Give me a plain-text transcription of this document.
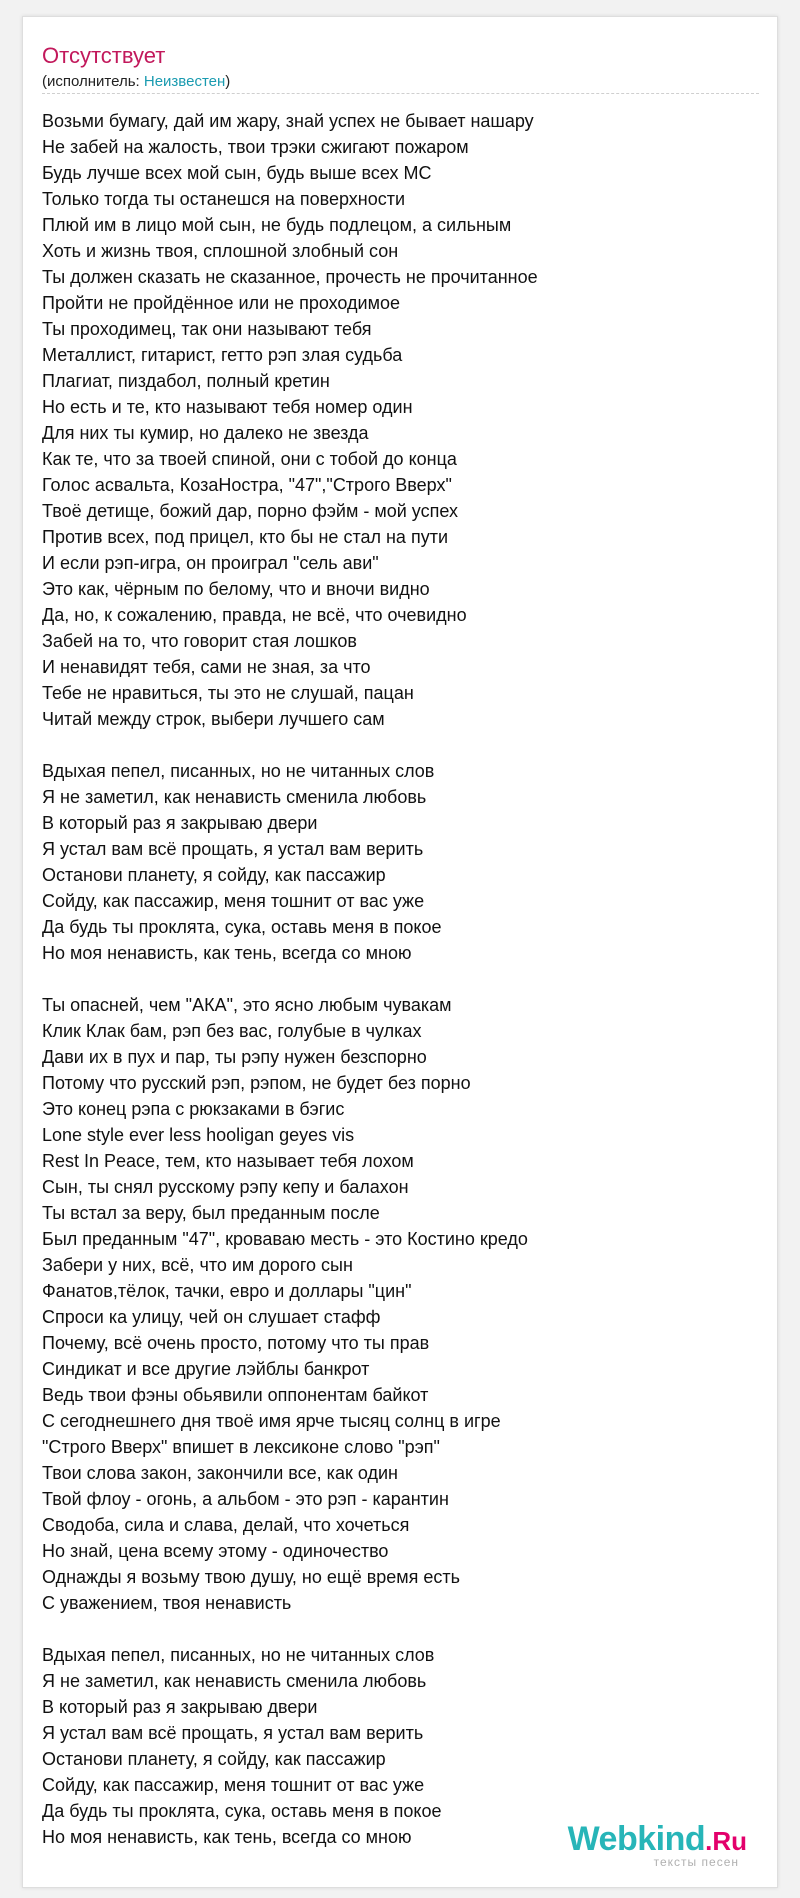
Отсутствует
(исполнитель: Неизвестен)
Возьми бумагу, дай им жару, знай успех не бывает нашару
Не забей на жалость, твои трэки сжигают пожаром
Будь лучше всех мой сын, будь выше всех MC
Только тогда ты останешся на поверхности
Плюй им в лицо мой сын, не будь подлецом, а сильным
Хоть и жизнь твоя, сплошной злобный сон
Ты должен сказать не сказанное, прочесть не прочитанное
Пройти не пройдённое или не проходимое
Ты проходимец, так они называют тебя
Металлист, гитарист, гетто рэп злая судьба
Плагиат, пиздабол, полный кретин
Но есть и те, кто называют тебя номер один
Для них ты кумир, но далеко не звезда
Как те, что за твоей спиной, они с тобой до конца
Голос асвальта, КозаНостра, "47","Строго Вверх"
Твоё детище, божий дар, порно фэйм - мой успех
Против всех, под прицел, кто бы не стал на пути
И если рэп-игра, он проиграл "сель ави"
Это как, чёрным по белому, что и вночи видно
Да, но, к сожалению, правда, не всё, что очевидно
Забей на то, что говорит стая лошков
И ненавидят тебя, сами не зная, за что
Тебе не нравиться, ты это не слушай, пацан
Читай между строк, выбери лучшего сам
Вдыхая пепел, писанных, но не читанных слов
Я не заметил, как ненависть сменила любовь
В который раз я закрываю двери
Я устал вам всё прощать, я устал вам верить
Останови планету, я сойду, как пассажир
Сойду, как пассажир, меня тошнит от вас уже
Да будь ты проклята, сука, оставь меня в покое
Но моя ненависть, как тень, всегда со мною
Ты опасней, чем "АКА", это ясно любым чувакам
Клик Клак бам, рэп без вас, голубые в чулках
Дави их в пух и пар, ты рэпу нужен безспорно
Потому что русский рэп, рэпом, не будет без порно
Это конец рэпа с рюкзаками в бэгис
Lone style ever less hooligan geyes vis
Rest In Peace, тем, кто называет тебя лохом
Сын, ты снял русскому рэпу кепу и балахон
Ты встал за веру, был преданным после
Был преданным "47", кроваваю месть - это Костино кредо
Забери у них, всё, что им дорого сын
Фанатов,тёлок, тачки, евро и доллары "цин"
Спроси ка улицу, чей он слушает стафф
Почему, всё очень просто, потому что ты прав
Синдикат и все другие лэйблы банкрот
Ведь твои фэны обьявили оппонентам байкот
С сегоднешнего дня твоё имя ярче тысяц солнц в игре
"Строго Вверх" впишет в лексиконе слово "рэп"
Твои слова закон, закончили все, как один
Твой флоу - огонь, а альбом - это рэп - карантин
Сводоба, сила и слава, делай, что хочеться
Но знай, цена всему этому - одиночество
Однажды я возьму твою душу, но ещё время есть
С уважением, твоя ненависть
Вдыхая пепел, писанных, но не читанных слов
Я не заметил, как ненависть сменила любовь
В который раз я закрываю двери
Я устал вам всё прощать, я устал вам верить
Останови планету, я сойду, как пассажир
Сойду, как пассажир, меня тошнит от вас уже
Да будь ты проклята, сука, оставь меня в покое
Но моя ненависть, как тень, всегда со мною	Webkind.Ru
тексты песен
